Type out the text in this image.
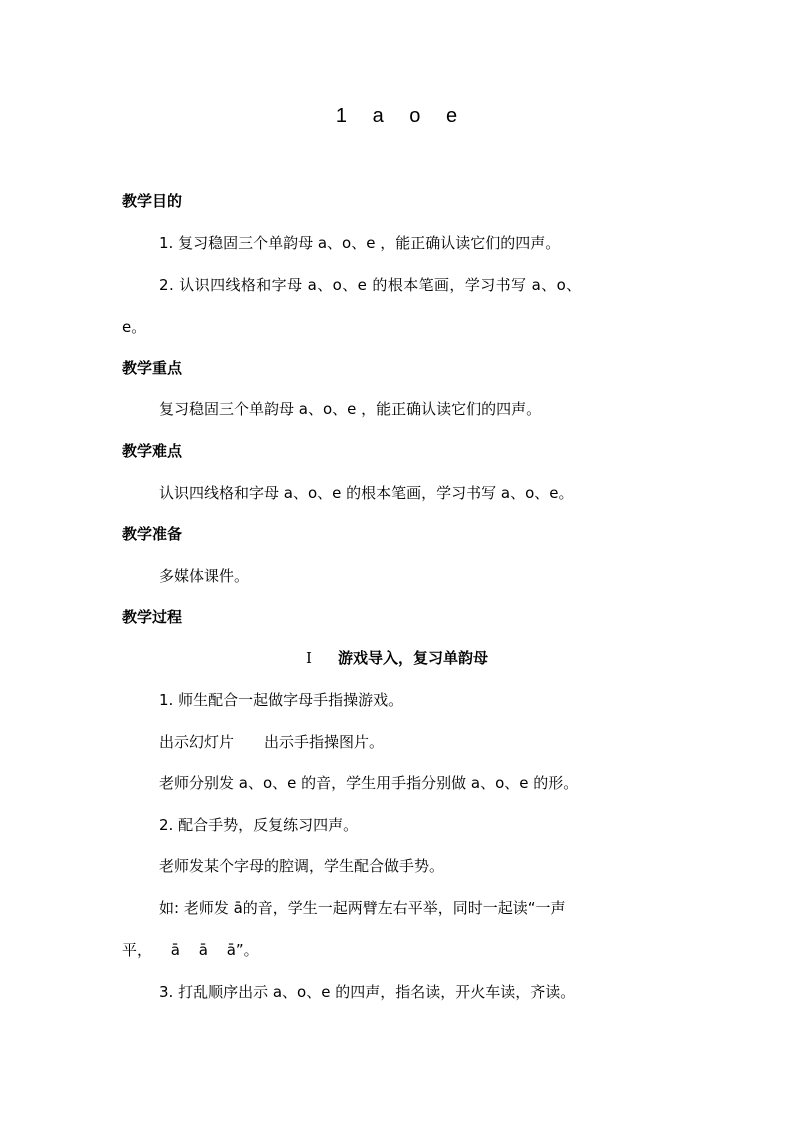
1 a o e
教学目的
1. 复习稳固三个单韵母 a、o、e ，能正确认读它们的四声。
2. 认识四线格和字母 a、o、e 的根本笔画，学习书写 a、o、
e。
教学重点
复习稳固三个单韵母 a、o、e ，能正确认读它们的四声。
教学难点
认识四线格和字母 a、o、e 的根本笔画，学习书写 a、o、e。
教学准备
多媒体课件。
教学过程
Ⅰ 游戏导入，复习单韵母
1. 师生配合一起做字母手指操游戏。
出示幻灯片 出示手指操图片。
老师分别发 a、o、e 的音，学生用手指分别做 a、o、e 的形。
2. 配合手势，反复练习四声。
老师发某个字母的腔调，学生配合做手势。
如: 老师发 ā的音，学生一起两臂左右平举，同时一起读“一声
平， ā ā ā”。
3. 打乱顺序出示 a、o、e 的四声，指名读，开火车读，齐读。
